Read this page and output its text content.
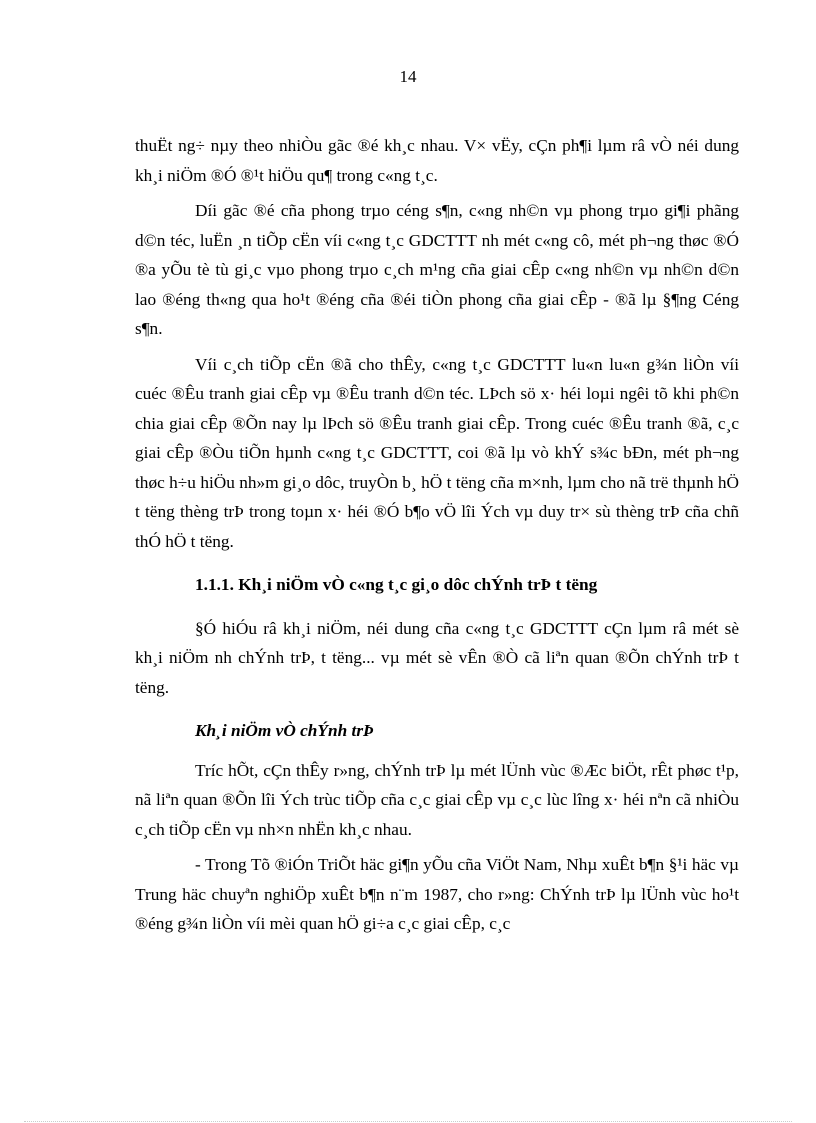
14

thuËt ng÷ nµy theo nhiÒu gãc ®é kh¸c nhau. V× vËy, cÇn ph¶i lµm râ vÒ néi dung kh¸i niÖm ®Ó ®¹t hiÖu qu¶ trong c«ng t¸c.

Díi gãc ®é cña phong trµo céng s¶n, c«ng nh©n vµ phong trµo gi¶i phãng d©n téc, luËn ¸n tiÕp cËn víi c«ng t¸c GDCTTT nh mét c«ng cô, mét ph¬ng thøc ®Ó ®a yÕu tè tù gi¸c vµo phong trµo c¸ch m¹ng cña giai cÊp c«ng nh©n vµ nh©n d©n lao ®éng th«ng qua ho¹t ®éng cña ®éi tiÒn phong cña giai cÊp - ®ã lµ §¶ng Céng s¶n.

Víi c¸ch tiÕp cËn ®ã cho thÊy, c«ng t¸c GDCTTT lu«n lu«n g¾n liÒn víi cuéc ®Êu tranh giai cÊp vµ ®Êu tranh d©n téc. LÞch sö x· héi loµi ngêi tõ khi ph©n chia giai cÊp ®Õn nay lµ lÞch sö ®Êu tranh giai cÊp. Trong cuéc ®Êu tranh ®ã, c¸c giai cÊp ®Òu tiÕn hµnh c«ng t¸c GDCTTT, coi ®ã lµ vò khÝ s¾c bÐn, mét ph¬ng thøc h÷u hiÖu nh»m gi¸o dôc, truyÒn b¸ hÖ t tëng cña m×nh, lµm cho nã trë thµnh hÖ t tëng thèng trÞ trong toµn x· héi ®Ó b¶o vÖ lîi Ých vµ duy tr× sù thèng trÞ cña chñ thÓ hÖ t tëng.

1.1.1. Kh¸i niÖm vÒ c«ng t¸c gi¸o dôc chÝnh trÞ t tëng

§Ó hiÓu râ kh¸i niÖm, néi dung cña c«ng t¸c GDCTTT cÇn lµm râ mét sè kh¸i niÖm nh chÝnh trÞ, t tëng... vµ mét sè vÊn ®Ò cã liªn quan ®Õn chÝnh trÞ t tëng.

Kh¸i niÖm vÒ chÝnh trÞ

Tríc hÕt, cÇn thÊy r»ng, chÝnh trÞ lµ mét lÜnh vùc ®Æc biÖt, rÊt phøc t¹p, nã liªn quan ®Õn lîi Ých trùc tiÕp cña c¸c giai cÊp vµ c¸c lùc lîng x· héi nªn cã nhiÒu c¸ch tiÕp cËn vµ nh×n nhËn kh¸c nhau.

- Trong Tõ ®iÓn TriÕt häc gi¶n yÕu cña ViÖt Nam, Nhµ xuÊt b¶n §¹i häc vµ Trung häc chuyªn nghiÖp xuÊt b¶n n¨m 1987, cho r»ng: ChÝnh trÞ lµ lÜnh vùc ho¹t ®éng g¾n liÒn víi mèi quan hÖ gi÷a c¸c giai cÊp, c¸c
